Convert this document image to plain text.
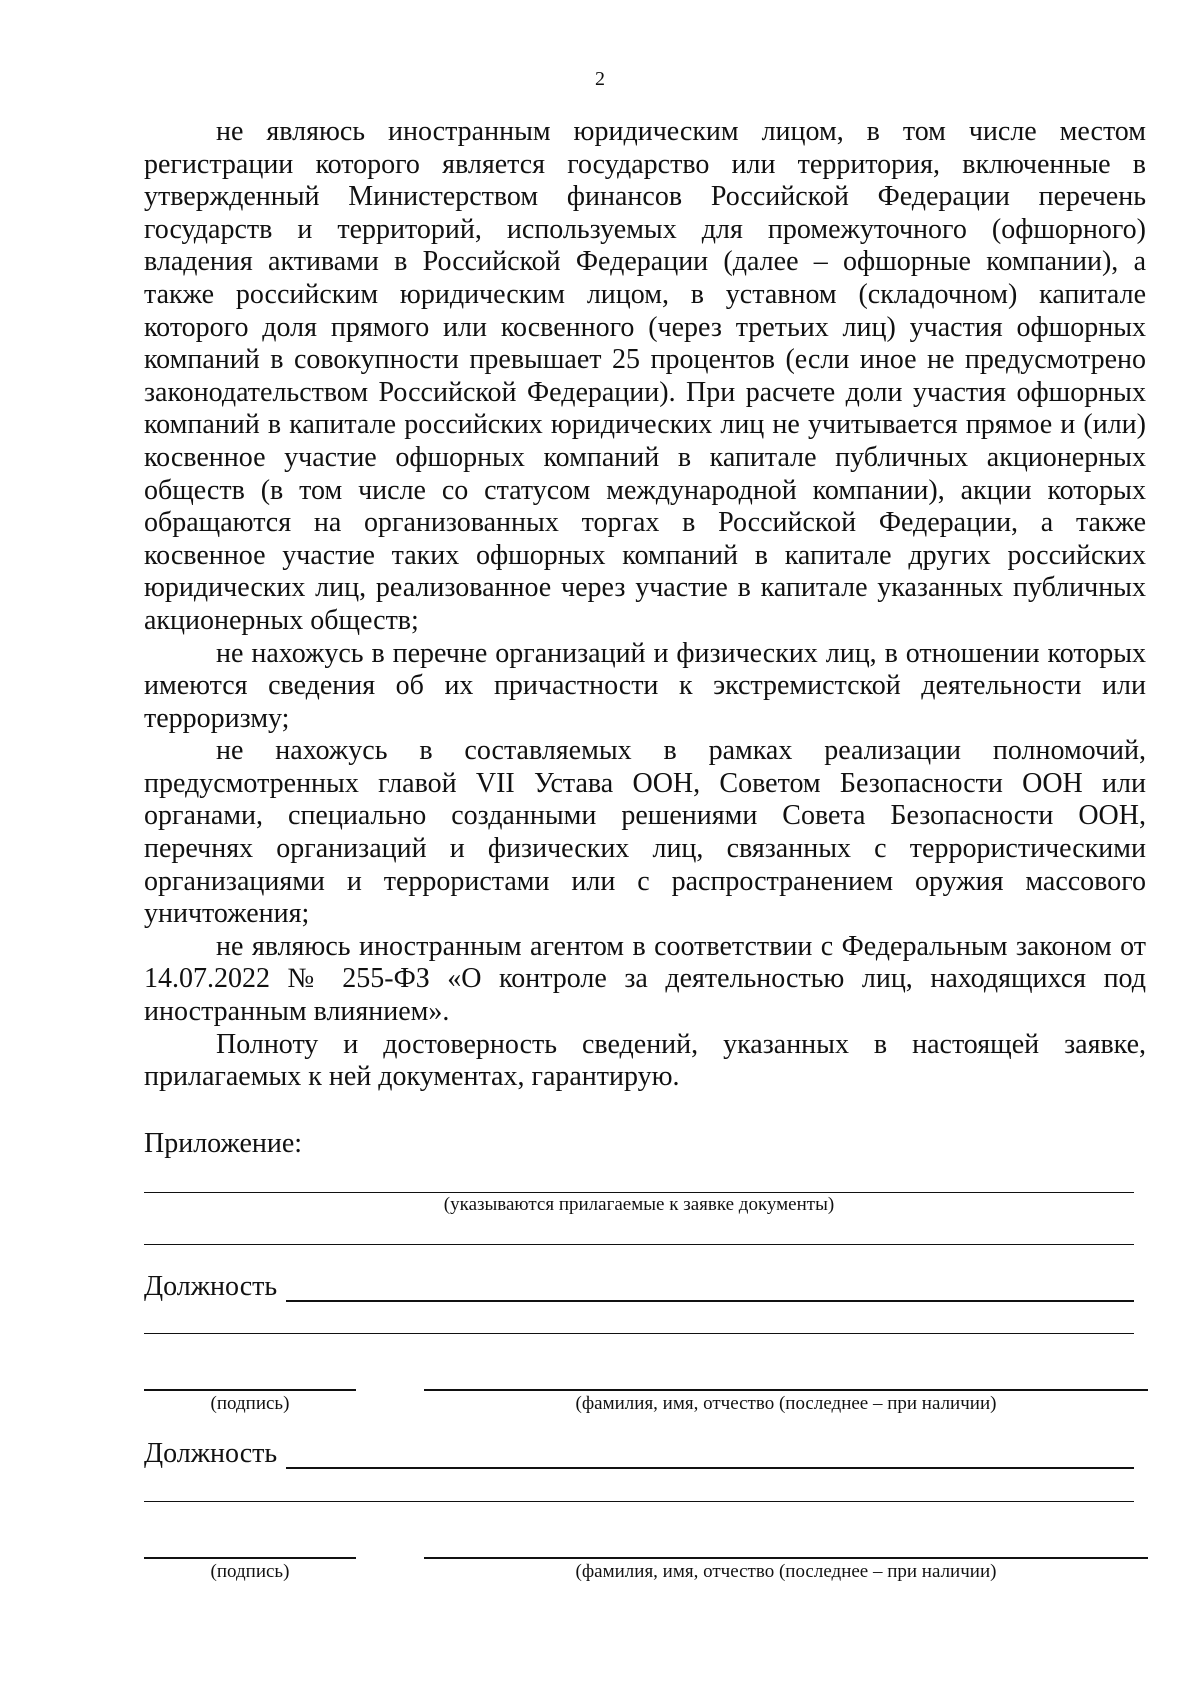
2

не являюсь иностранным юридическим лицом, в том числе местом регистрации которого является государство или территория, включенные в утвержденный Министерством финансов Российской Федерации перечень государств и территорий, используемых для промежуточного (офшорного) владения активами в Российской Федерации (далее – офшорные компании), а также российским юридическим лицом, в уставном (складочном) капитале которого доля прямого или косвенного (через третьих лиц) участия офшорных компаний в совокупности превышает 25 процентов (если иное не предусмотрено законодательством Российской Федерации). При расчете доли участия офшорных компаний в капитале российских юридических лиц не учитывается прямое и (или) косвенное участие офшорных компаний в капитале публичных акционерных обществ (в том числе со статусом международной компании), акции которых обращаются на организованных торгах в Российской Федерации, а также косвенное участие таких офшорных компаний в капитале других российских юридических лиц, реализованное через участие в капитале указанных публичных акционерных обществ;

не нахожусь в перечне организаций и физических лиц, в отношении которых имеются сведения об их причастности к экстремистской деятельности или терроризму;

не нахожусь в составляемых в рамках реализации полномочий, предусмотренных главой VII Устава ООН, Советом Безопасности ООН или органами, специально созданными решениями Совета Безопасности ООН, перечнях организаций и физических лиц, связанных с террористическими организациями и террористами или с распространением оружия массового уничтожения;

не являюсь иностранным агентом в соответствии с Федеральным законом от 14.07.2022 № 255-ФЗ «О контроле за деятельностью лиц, находящихся под иностранным влиянием».

Полноту и достоверность сведений, указанных в настоящей заявке, прилагаемых к ней документах, гарантирую.

Приложение:
(указываются прилагаемые к заявке документы)
Должность
(подпись)	(фамилия, имя, отчество (последнее – при наличии)
Должность
(подпись)	(фамилия, имя, отчество (последнее – при наличии)
